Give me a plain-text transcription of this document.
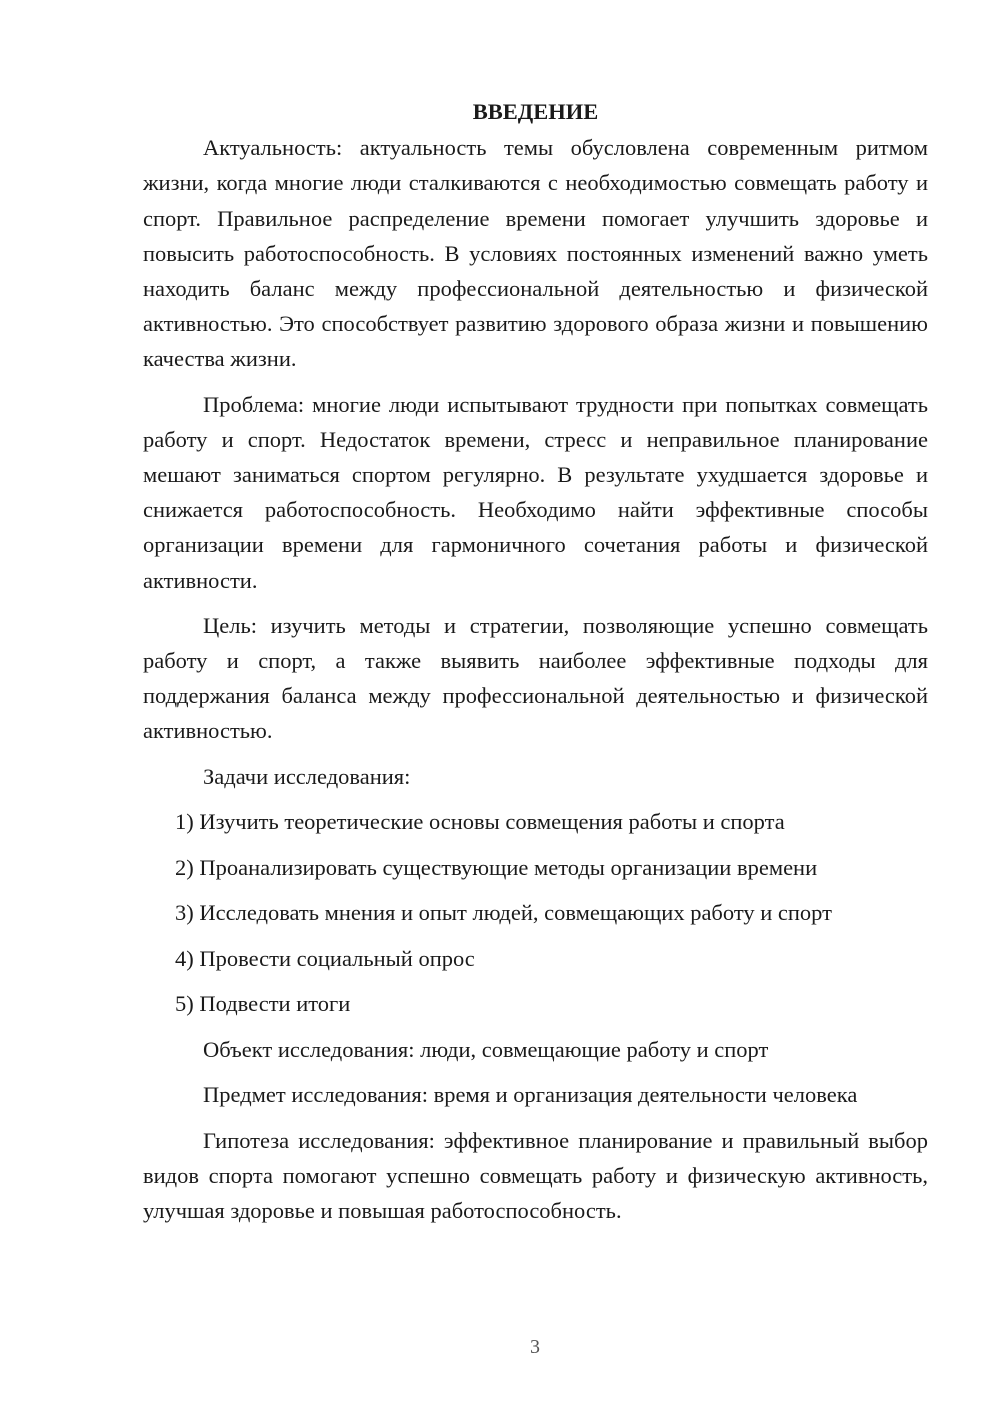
ВВЕДЕНИЕ

Актуальность: актуальность темы обусловлена современным ритмом жизни, когда многие люди сталкиваются с необходимостью совмещать работу и спорт. Правильное распределение времени помогает улучшить здоровье и повысить работоспособность. В условиях постоянных изменений важно уметь находить баланс между профессиональной деятельностью и физической активностью. Это способствует развитию здорового образа жизни и повышению качества жизни.

Проблема: многие люди испытывают трудности при попытках совмещать работу и спорт. Недостаток времени, стресс и неправильное планирование мешают заниматься спортом регулярно. В результате ухудшается здоровье и снижается работоспособность. Необходимо найти эффективные способы организации времени для гармоничного сочетания работы и физической активности.

Цель: изучить методы и стратегии, позволяющие успешно совмещать работу и спорт, а также выявить наиболее эффективные подходы для поддержания баланса между профессиональной деятельностью и физической активностью.

Задачи исследования:

1) Изучить теоретические основы совмещения работы и спорта
2) Проанализировать существующие методы организации времени
3) Исследовать мнения и опыт людей, совмещающих работу и спорт
4) Провести социальный опрос
5) Подвести итоги

Объект исследования: люди, совмещающие работу и спорт

Предмет исследования: время и организация деятельности человека

Гипотеза исследования: эффективное планирование и правильный выбор видов спорта помогают успешно совмещать работу и физическую активность, улучшая здоровье и повышая работоспособность.

3
